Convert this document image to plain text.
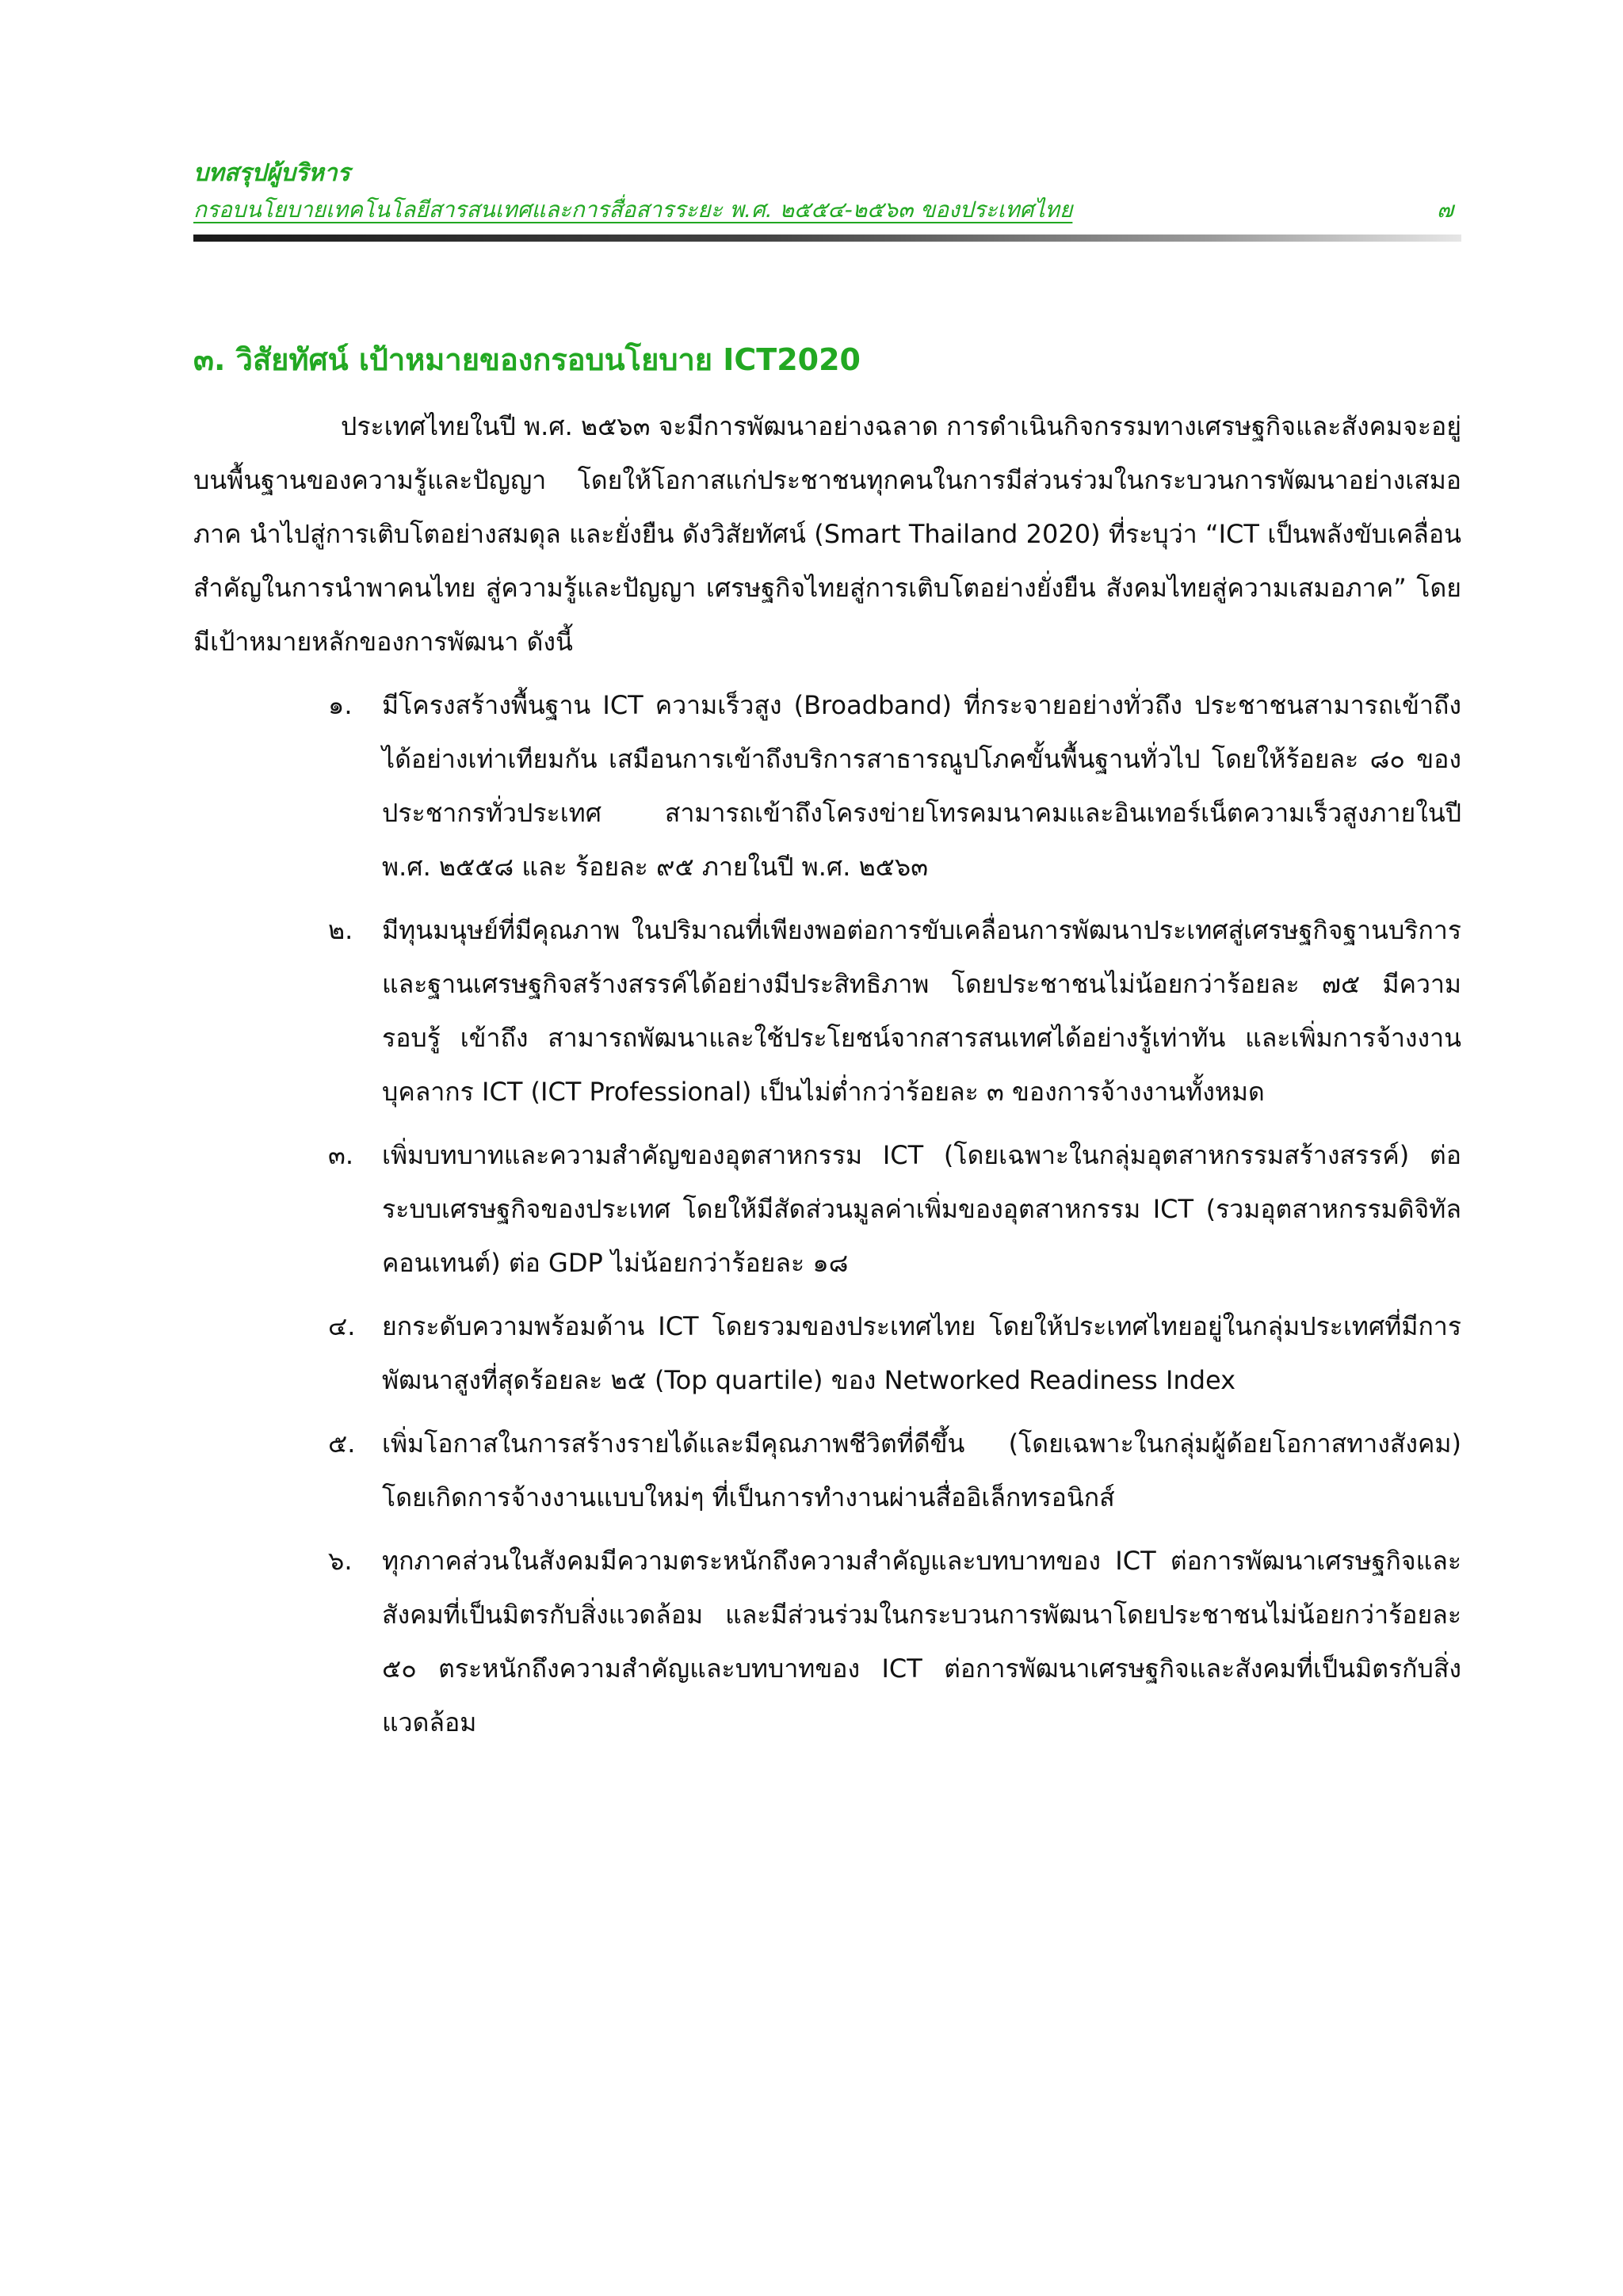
บทสรุปผู้บริหาร
กรอบนโยบายเทคโนโลยีสารสนเทศและการสื่อสารระยะ พ.ศ. ๒๕๕๔-๒๕๖๓ ของประเทศไทย	๗
๓. วิสัยทัศน์ เป้าหมายของกรอบนโยบาย ICT2020

ประเทศไทยในปี พ.ศ. ๒๕๖๓ จะมีการพัฒนาอย่างฉลาด การดำเนินกิจกรรมทางเศรษฐกิจและสังคมจะอยู่บนพื้นฐานของความรู้และปัญญา โดยให้โอกาสแก่ประชาชนทุกคนในการมีส่วนร่วมในกระบวนการพัฒนาอย่างเสมอภาค นำไปสู่การเติบโตอย่างสมดุล และยั่งยืน ดังวิสัยทัศน์ (Smart Thailand 2020) ที่ระบุว่า “ICT เป็นพลังขับเคลื่อนสำคัญในการนำพาคนไทย สู่ความรู้และปัญญา เศรษฐกิจไทยสู่การเติบโตอย่างยั่งยืน สังคมไทยสู่ความเสมอภาค” โดยมีเป้าหมายหลักของการพัฒนา ดังนี้

๑.	มีโครงสร้างพื้นฐาน ICT ความเร็วสูง (Broadband) ที่กระจายอย่างทั่วถึง ประชาชนสามารถเข้าถึงได้อย่างเท่าเทียมกัน เสมือนการเข้าถึงบริการสาธารณูปโภคขั้นพื้นฐานทั่วไป โดยให้ร้อยละ ๘๐ ของประชากรทั่วประเทศ สามารถเข้าถึงโครงข่ายโทรคมนาคมและอินเทอร์เน็ตความเร็วสูงภายในปี พ.ศ. ๒๕๕๘ และ ร้อยละ ๙๕ ภายในปี พ.ศ. ๒๕๖๓
๒.	มีทุนมนุษย์ที่มีคุณภาพ ในปริมาณที่เพียงพอต่อการขับเคลื่อนการพัฒนาประเทศสู่เศรษฐกิจฐานบริการและฐานเศรษฐกิจสร้างสรรค์ได้อย่างมีประสิทธิภาพ โดยประชาชนไม่น้อยกว่าร้อยละ ๗๕ มีความรอบรู้ เข้าถึง สามารถพัฒนาและใช้ประโยชน์จากสารสนเทศได้อย่างรู้เท่าทัน และเพิ่มการจ้างงานบุคลากร ICT (ICT Professional) เป็นไม่ต่ำกว่าร้อยละ ๓ ของการจ้างงานทั้งหมด
๓.	เพิ่มบทบาทและความสำคัญของอุตสาหกรรม ICT (โดยเฉพาะในกลุ่มอุตสาหกรรมสร้างสรรค์) ต่อระบบเศรษฐกิจของประเทศ โดยให้มีสัดส่วนมูลค่าเพิ่มของอุตสาหกรรม ICT (รวมอุตสาหกรรมดิจิทัลคอนเทนต์) ต่อ GDP ไม่น้อยกว่าร้อยละ ๑๘
๔.	ยกระดับความพร้อมด้าน ICT โดยรวมของประเทศไทย โดยให้ประเทศไทยอยู่ในกลุ่มประเทศที่มีการพัฒนาสูงที่สุดร้อยละ ๒๕ (Top quartile) ของ Networked Readiness Index
๕.	เพิ่มโอกาสในการสร้างรายได้และมีคุณภาพชีวิตที่ดีขึ้น (โดยเฉพาะในกลุ่มผู้ด้อยโอกาสทางสังคม) โดยเกิดการจ้างงานแบบใหม่ๆ ที่เป็นการทำงานผ่านสื่ออิเล็กทรอนิกส์
๖.	ทุกภาคส่วนในสังคมมีความตระหนักถึงความสำคัญและบทบาทของ ICT ต่อการพัฒนาเศรษฐกิจและสังคมที่เป็นมิตรกับสิ่งแวดล้อม และมีส่วนร่วมในกระบวนการพัฒนาโดยประชาชนไม่น้อยกว่าร้อยละ ๕๐ ตระหนักถึงความสำคัญและบทบาทของ ICT ต่อการพัฒนาเศรษฐกิจและสังคมที่เป็นมิตรกับสิ่งแวดล้อม
